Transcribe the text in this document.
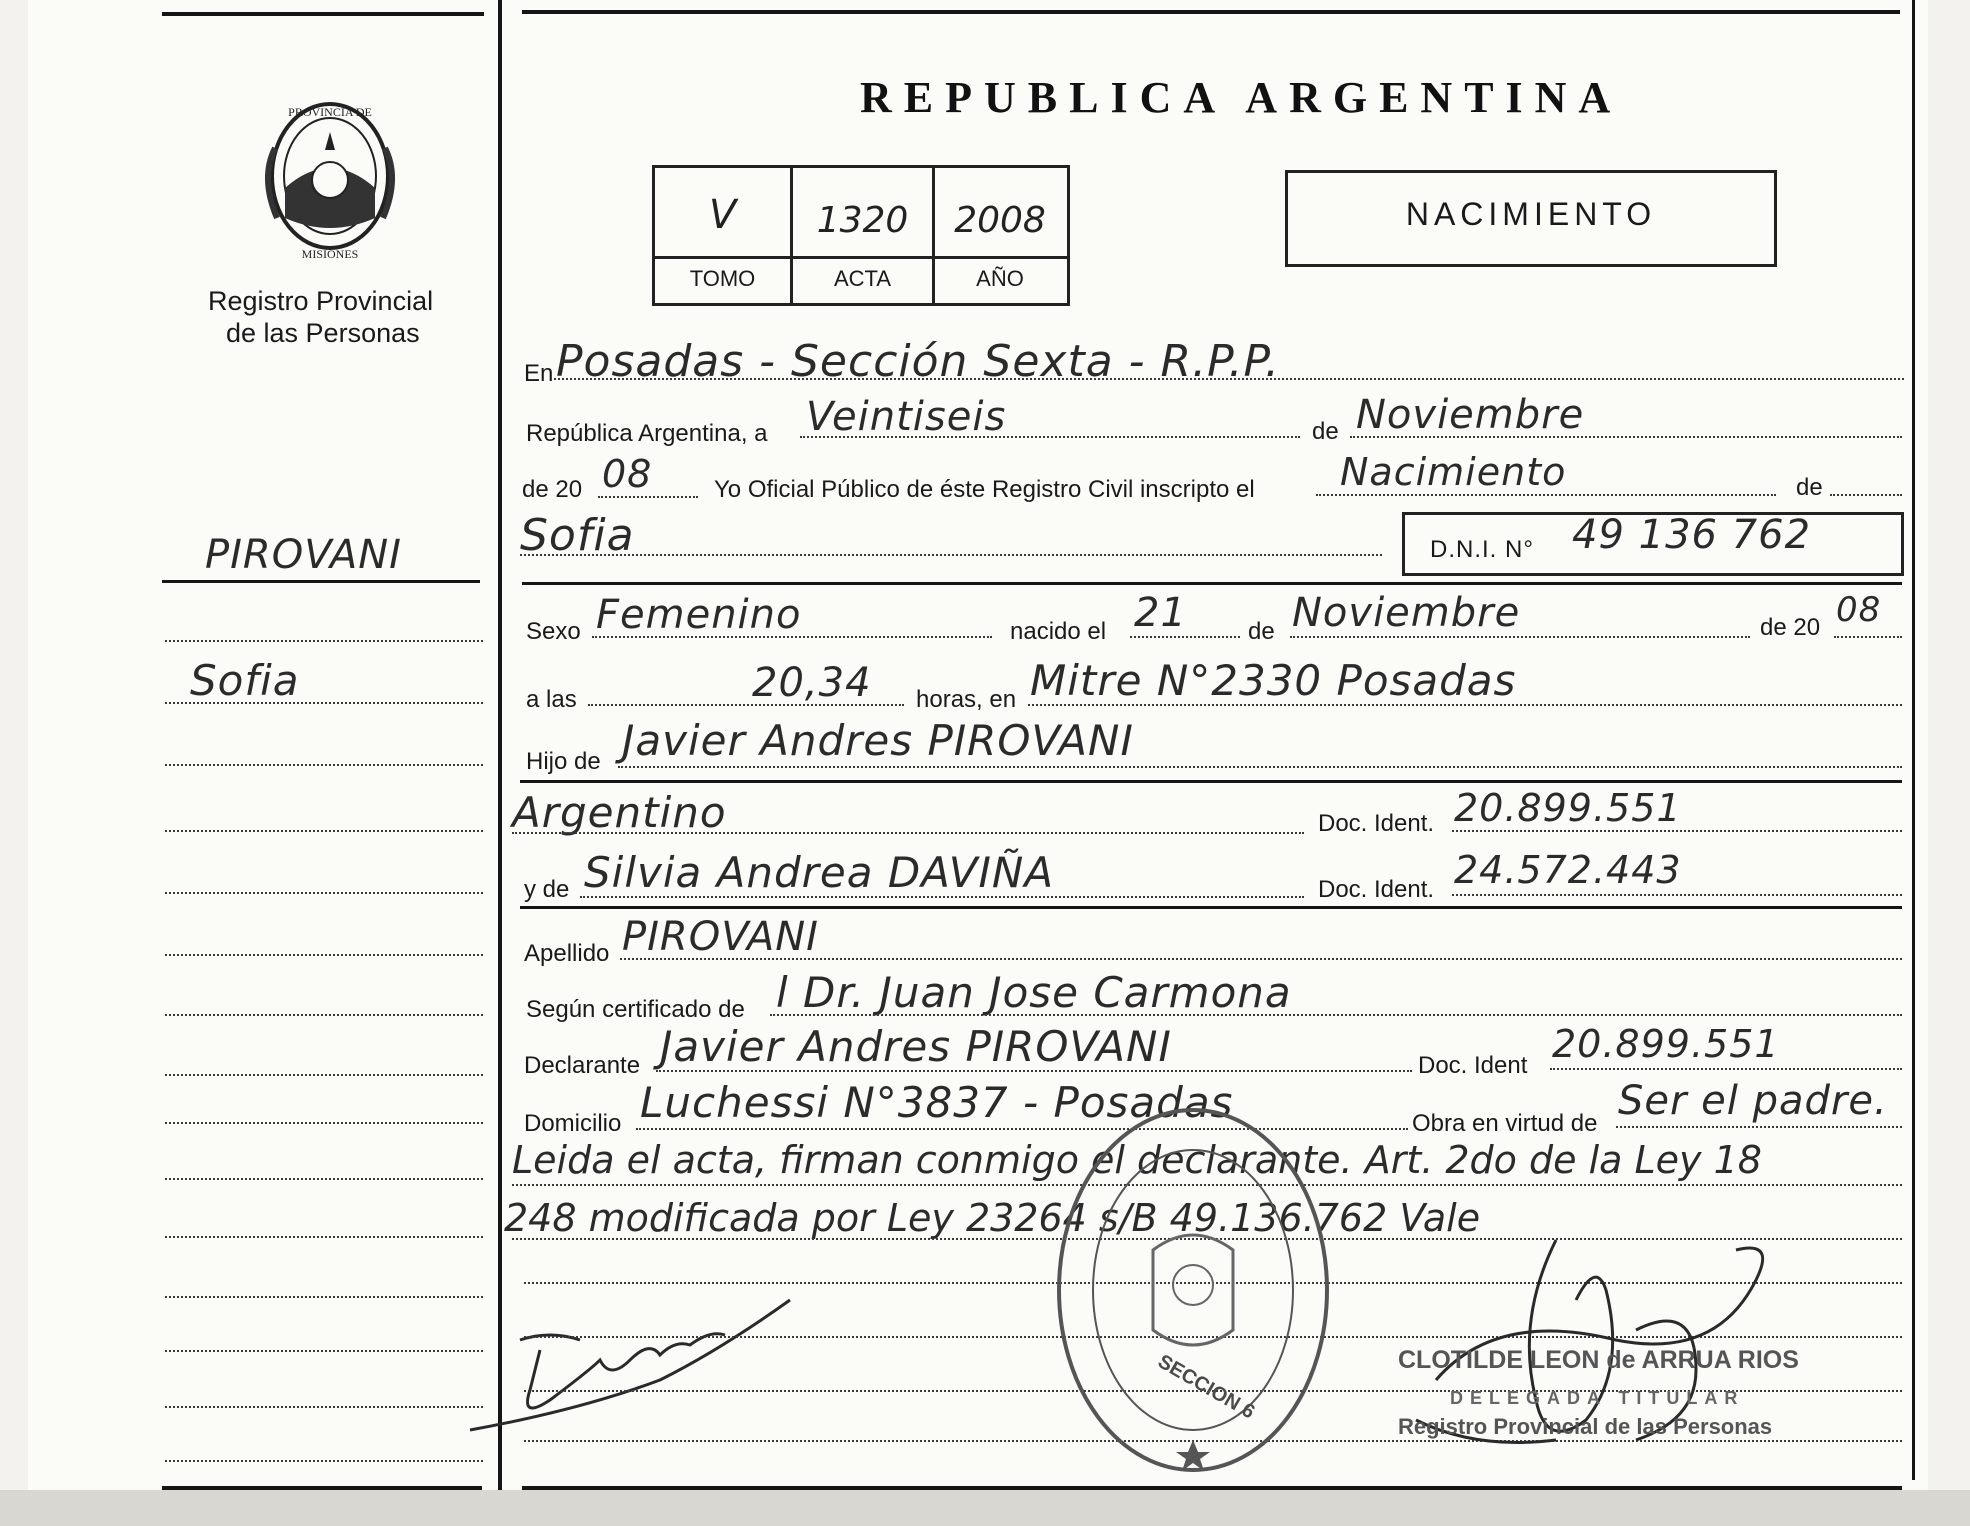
PROVINCIA DE
MISIONES
Registro Provincial
de las Personas
REPUBLICA ARGENTINA
V	1320	2008
TOMO	ACTA	AÑO
NACIMIENTO
PIROVANI
Sofia
En Posadas - Sección Sexta - R.P.P.
República Argentina, a Veintiseis	de Noviembre
de 20 08	Yo Oficial Público de éste Registro Civil inscripto el Nacimiento	de
Sofia	D.N.I. N° 49 136 762
Sexo Femenino	nacido el 21	de Noviembre	de 20 08
a las	20,34 horas, en Mitre N°2330 Posadas
Hijo de Javier Andres PIROVANI
Argentino	Doc. Ident. 20.899.551
y de Silvia Andrea DAVIÑA	Doc. Ident. 24.572.443
Apellido PIROVANI
Según certificado de l Dr. Juan Jose Carmona
Declarante Javier Andres PIROVANI	Doc. Ident 20.899.551
Domicilio Luchessi N°3837 - Posadas	Obra en virtud de Ser el padre.
Leida el acta, firman conmigo el declarante. Art. 2do de la Ley 18
248 modificada por Ley 23264 s/B 49.136.762 Vale
SECCION 6	CLOTILDE LEON de ARRUA RIOS
DELEGADA TITULAR
Registro Provincial de las Personas
